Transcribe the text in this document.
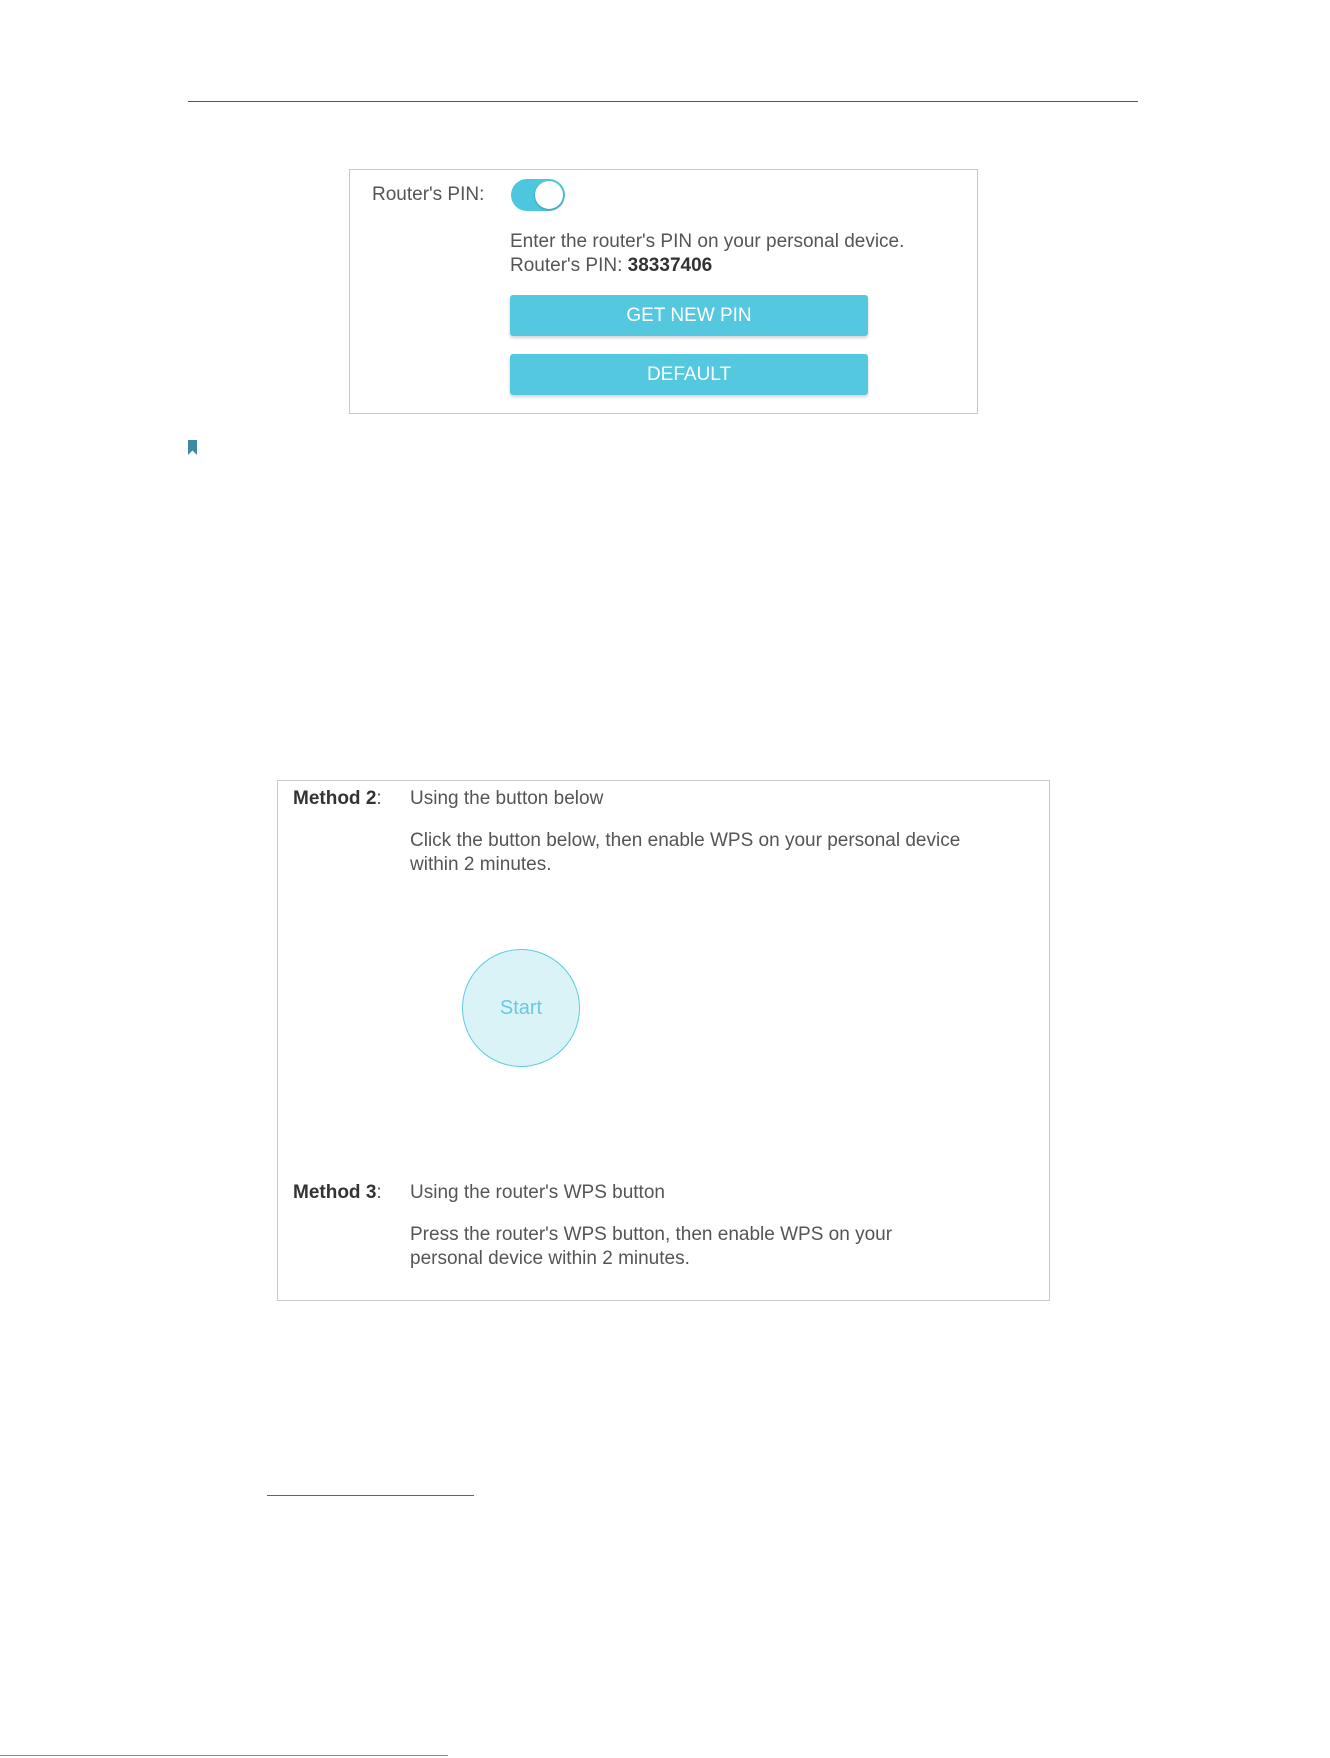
Router's PIN:
Enter the router's PIN on your personal device.
Router's PIN: 38337406
GET NEW PIN
DEFAULT
Method 2: Using the button below
Click the button below, then enable WPS on your personal device
within 2 minutes.
Start
Method 3: Using the router's WPS button
Press the router's WPS button, then enable WPS on your
personal device within 2 minutes.
